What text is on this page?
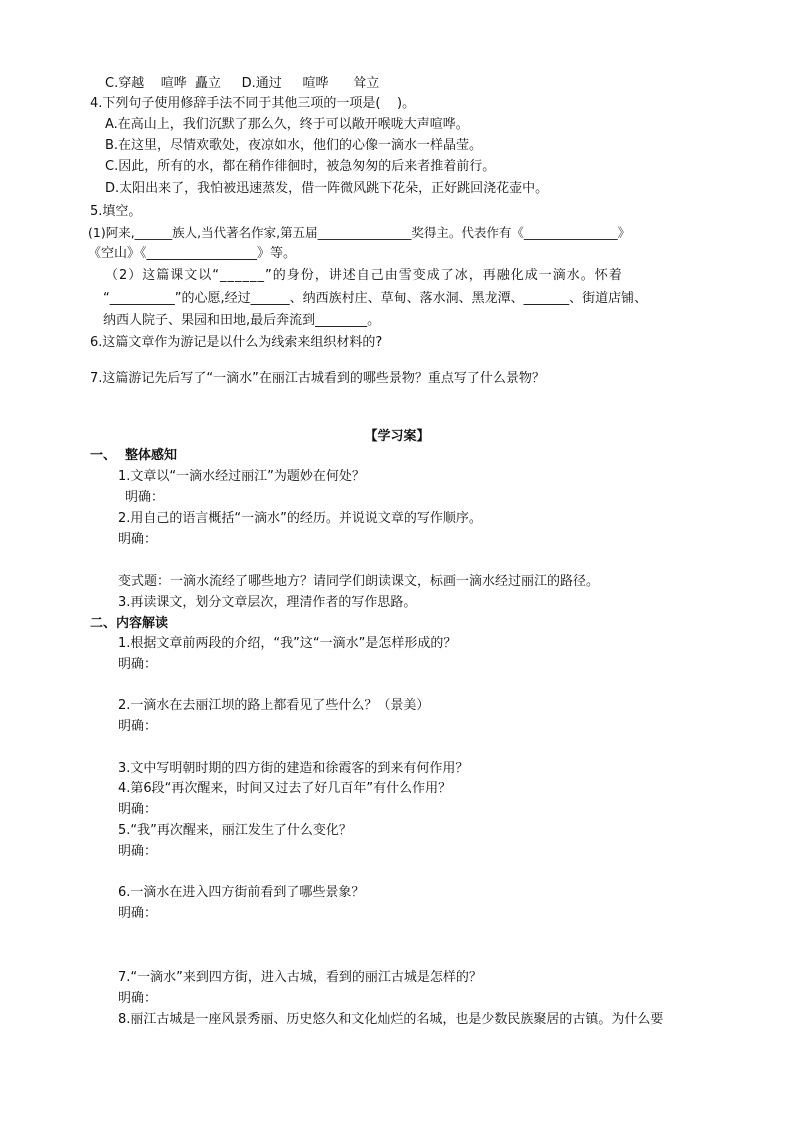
C.穿越    喧哗  矗立     D.通过     喧哗      耸立
4.下列句子使用修辞手法不同于其他三项的一项是(    )。
A.在高山上，我们沉默了那么久，终于可以敞开喉咙大声喧哗。
B.在这里，尽情欢歌处，夜凉如水，他们的心像一滴水一样晶莹。
C.因此，所有的水，都在稍作徘徊时，被急匆匆的后来者推着前行。
D.太阳出来了，我怕被迅速蒸发，借一阵微风跳下花朵，正好跳回浇花壶中。
5.填空。
(1)阿来,______族人,当代著名作家,第五届_______________奖得主。代表作有《_______________》
《空山》《_________________》等。
（2）这篇课文以“______”的身份，讲述自己由雪变成了冰，再融化成一滴水。怀着
“__________”的心愿,经过______、纳西族村庄、草甸、落水洞、黑龙潭、_______、街道店铺、
纳西人院子、果园和田地,最后奔流到________。
6.这篇文章作为游记是以什么为线索来组织材料的?
7.这篇游记先后写了“一滴水”在丽江古城看到的哪些景物？重点写了什么景物？
【学习案】
一、  整体感知
1.文章以“一滴水经过丽江”为题妙在何处？
明确：
2.用自己的语言概括“一滴水”的经历。并说说文章的写作顺序。
明确：
变式题：一滴水流经了哪些地方？请同学们朗读课文，标画一滴水经过丽江的路径。
3.再读课文，划分文章层次，理清作者的写作思路。
二、内容解读
1.根据文章前两段的介绍，“我”这“一滴水”是怎样形成的？
明确：
2.一滴水在去丽江坝的路上都看见了些什么？（景美）
明确：
3.文中写明朝时期的四方街的建造和徐霞客的到来有何作用？
4.第6段“再次醒来，时间又过去了好几百年”有什么作用？
明确：
5.“我”再次醒来，丽江发生了什么变化？
明确：
6.一滴水在进入四方街前看到了哪些景象？
明确：
7.“一滴水”来到四方街，进入古城，看到的丽江古城是怎样的？
明确：
8.丽江古城是一座风景秀丽、历史悠久和文化灿烂的名城，也是少数民族聚居的古镇。为什么要
